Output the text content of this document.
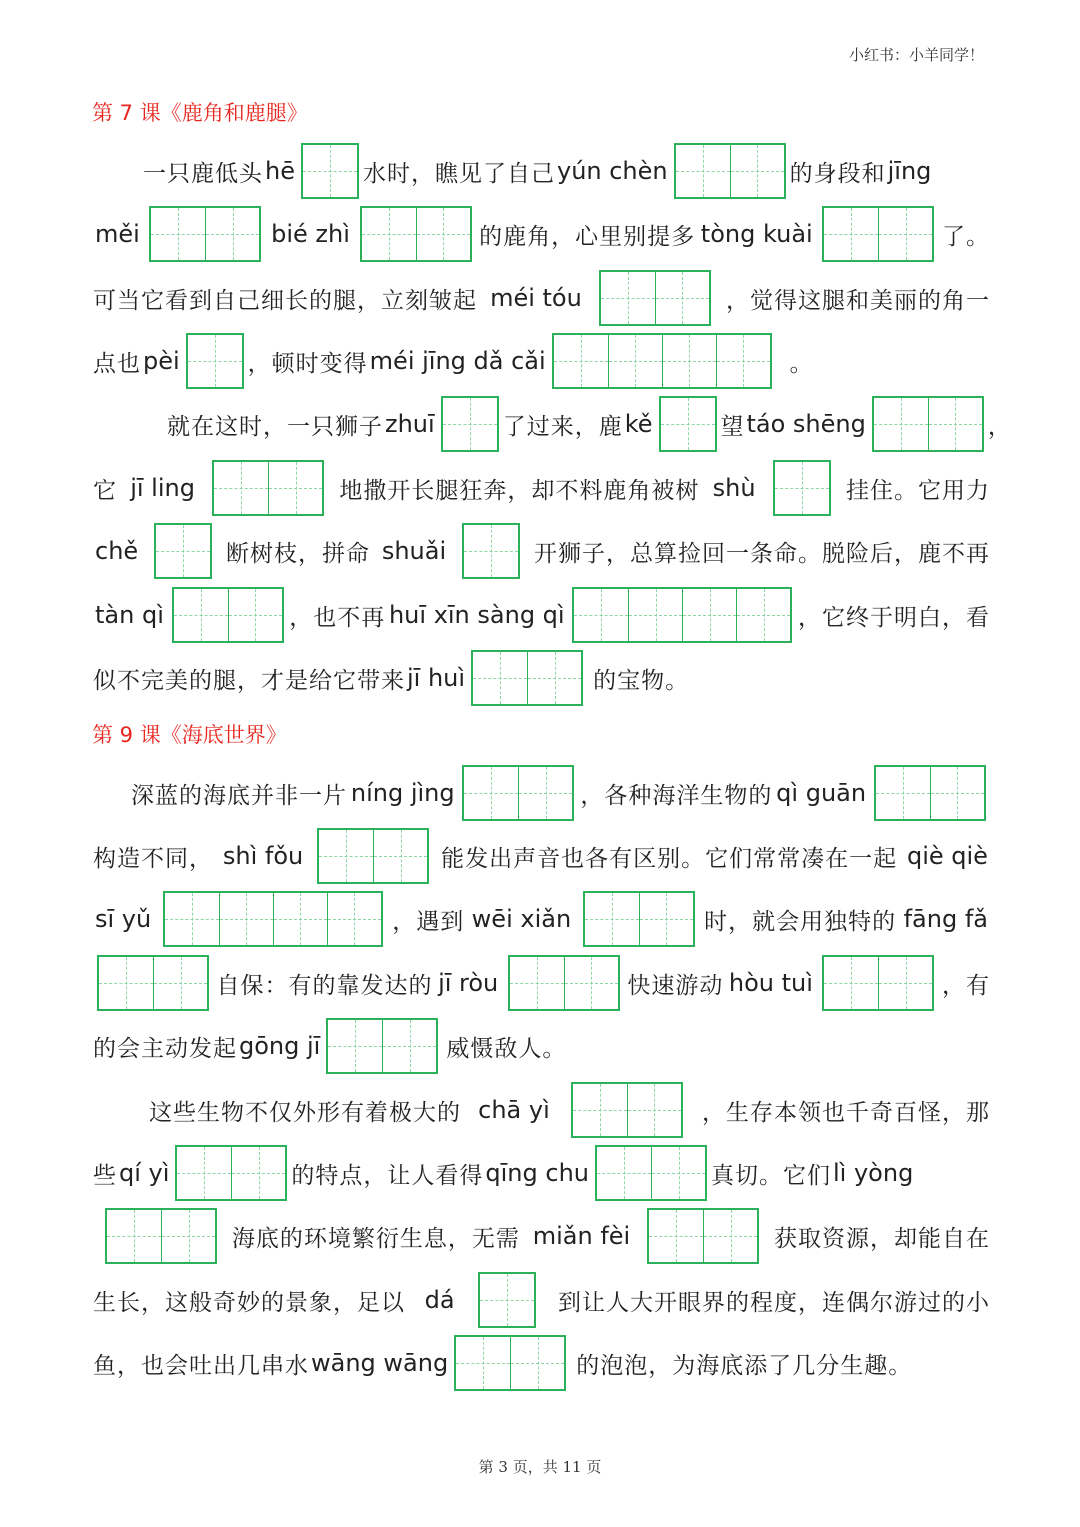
小红书：小羊同学！
第 7 课《鹿角和鹿腿》
一只鹿低头 hē	水时，瞧见了自己 yún chèn	的身段和 jīng
měi	bié zhì	的鹿角，心里别提多 tòng kuài	了。
可当它看到自己细长的腿，立刻皱起 méi tóu	，觉得这腿和美丽的角一
点也 pèi	，顿时变得 méi jīng dǎ cǎi	。
就在这时，一只狮子 zhuī	了过来，鹿 kě	望 táo shēng	，
它 jī ling	地撒开长腿狂奔，却不料鹿角被树 shù	挂住。它用力
chě	断树枝，拼命 shuǎi	开狮子，总算捡回一条命。脱险后，鹿不再
tàn qì	，也不再 huī xīn sàng qì	，它终于明白，看
似不完美的腿，才是给它带来 jī huì	的宝物。
第 9 课《海底世界》
深蓝的海底并非一片 níng jìng	，各种海洋生物的 qì guān
构造不同， shì fǒu	能发出声音也各有区别。它们常常凑在一起 qiè qiè
sī yǔ	，遇到 wēi xiǎn	时，就会用独特的 fāng fǎ
自保：有的靠发达的 jī ròu	快速游动 hòu tuì	，有
的会主动发起 gōng jī	威慑敌人。
这些生物不仅外形有着极大的 chā yì	，生存本领也千奇百怪，那
些 qí yì	的特点，让人看得 qīng chu	真切。它们 lì yòng
海底的环境繁衍生息，无需 miǎn fèi	获取资源，却能自在
生长，这般奇妙的景象，足以 dá	到让人大开眼界的程度，连偶尔游过的小
鱼，也会吐出几串水 wāng wāng	的泡泡，为海底添了几分生趣。
第 3 页，共 11 页
